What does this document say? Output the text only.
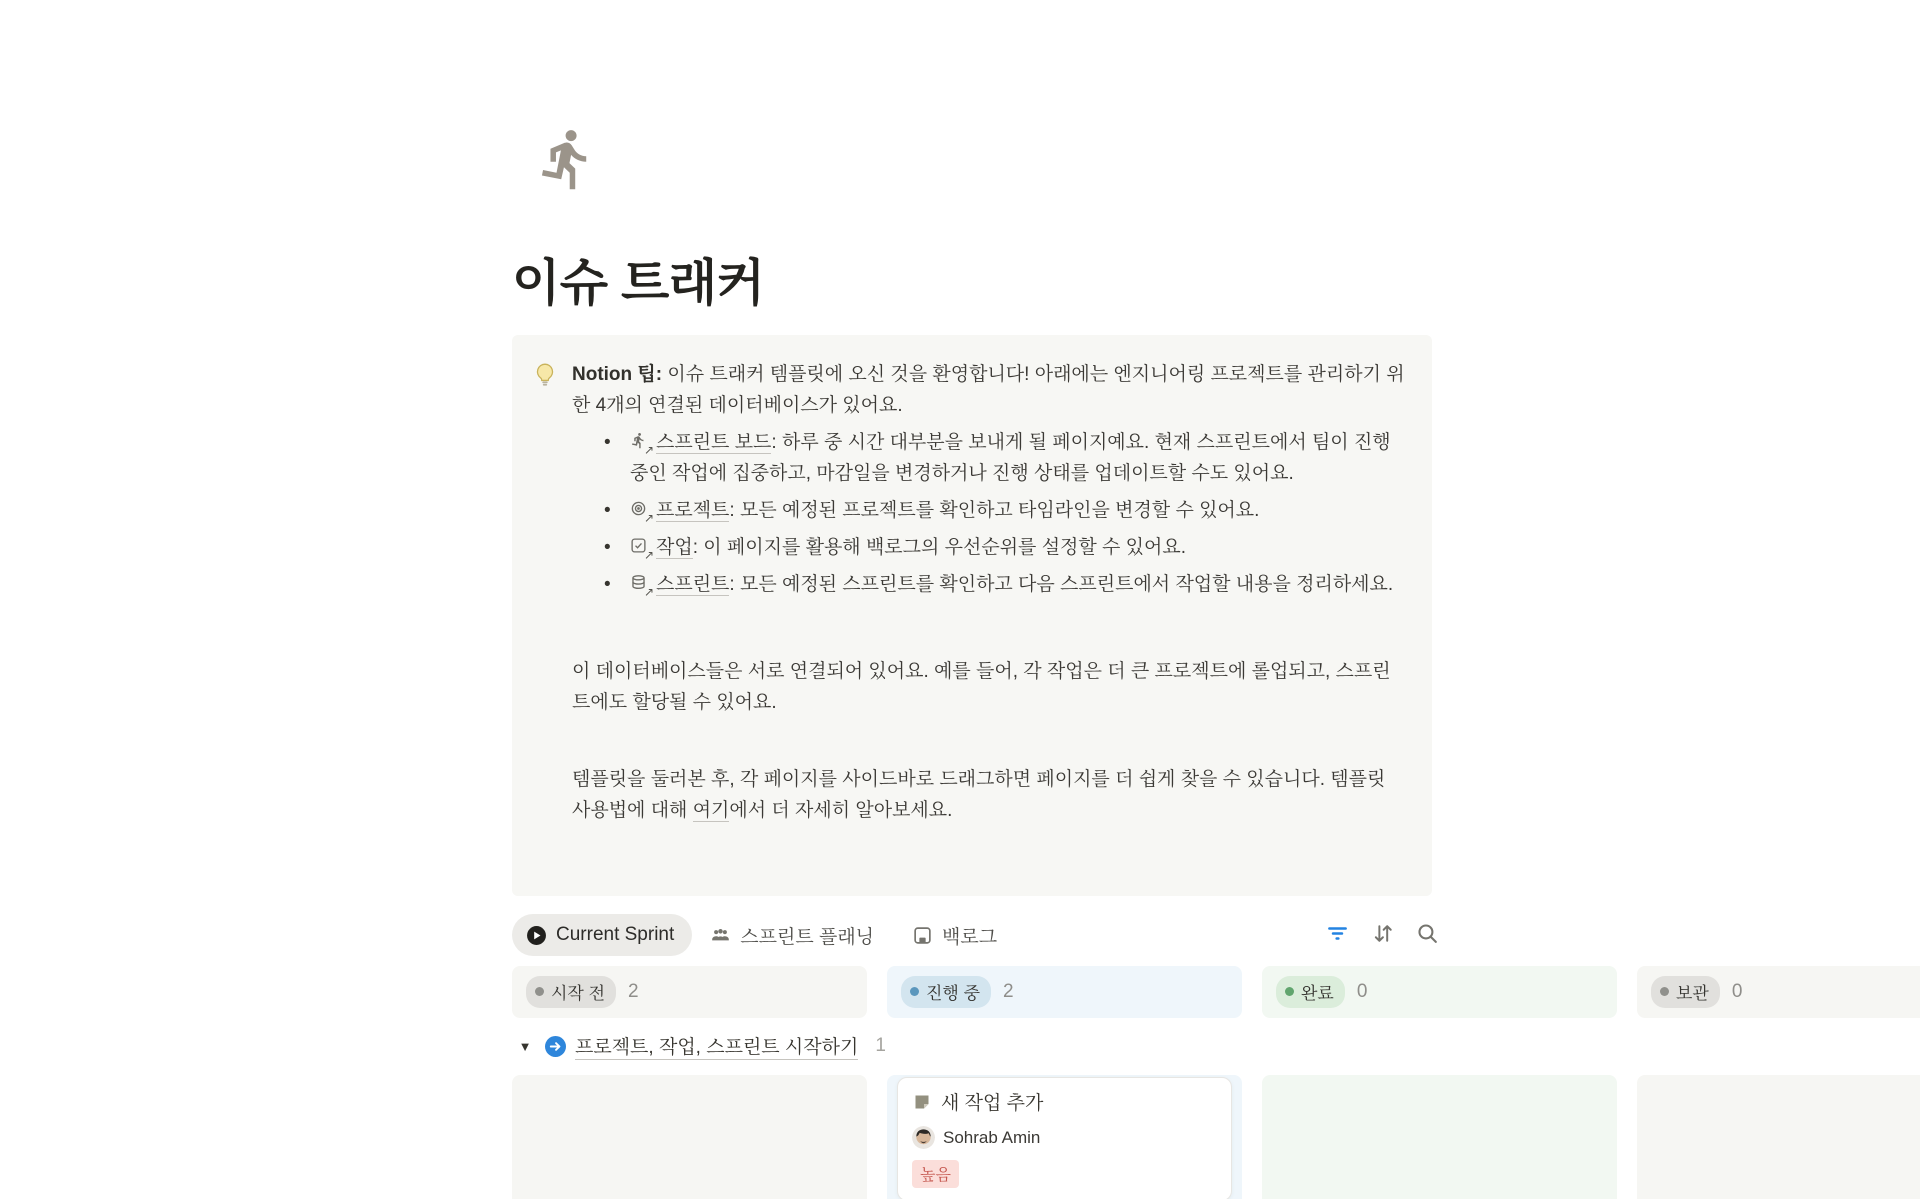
이슈 트래커
Notion 팁: 이슈 트래커 템플릿에 오신 것을 환영합니다! 아래에는 엔지니어링 프로젝트를 관리하기 위한 4개의 연결된 데이터베이스가 있어요.
•	↗ 스프린트 보드: 하루 중 시간 대부분을 보내게 될 페이지예요. 현재 스프린트에서 팀이 진행 중인 작업에 집중하고, 마감일을 변경하거나 진행 상태를 업데이트할 수도 있어요.
•	↗ 프로젝트: 모든 예정된 프로젝트를 확인하고 타임라인을 변경할 수 있어요.
•	↗ 작업: 이 페이지를 활용해 백로그의 우선순위를 설정할 수 있어요.
•	↗ 스프린트: 모든 예정된 스프린트를 확인하고 다음 스프린트에서 작업할 내용을 정리하세요.
이 데이터베이스들은 서로 연결되어 있어요. 예를 들어, 각 작업은 더 큰 프로젝트에 롤업되고, 스프린트에도 할당될 수 있어요.
템플릿을 둘러본 후, 각 페이지를 사이드바로 드래그하면 페이지를 더 쉽게 찾을 수 있습니다. 템플릿 사용법에 대해 여기에서 더 자세히 알아보세요.
Current Sprint	스프린트 플래닝	백로그
시작 전 2	진행 중 2	완료 0	보관 0
▼ 프로젝트, 작업, 스프린트 시작하기 1
새 작업 추가
Sohrab Amin
높음
